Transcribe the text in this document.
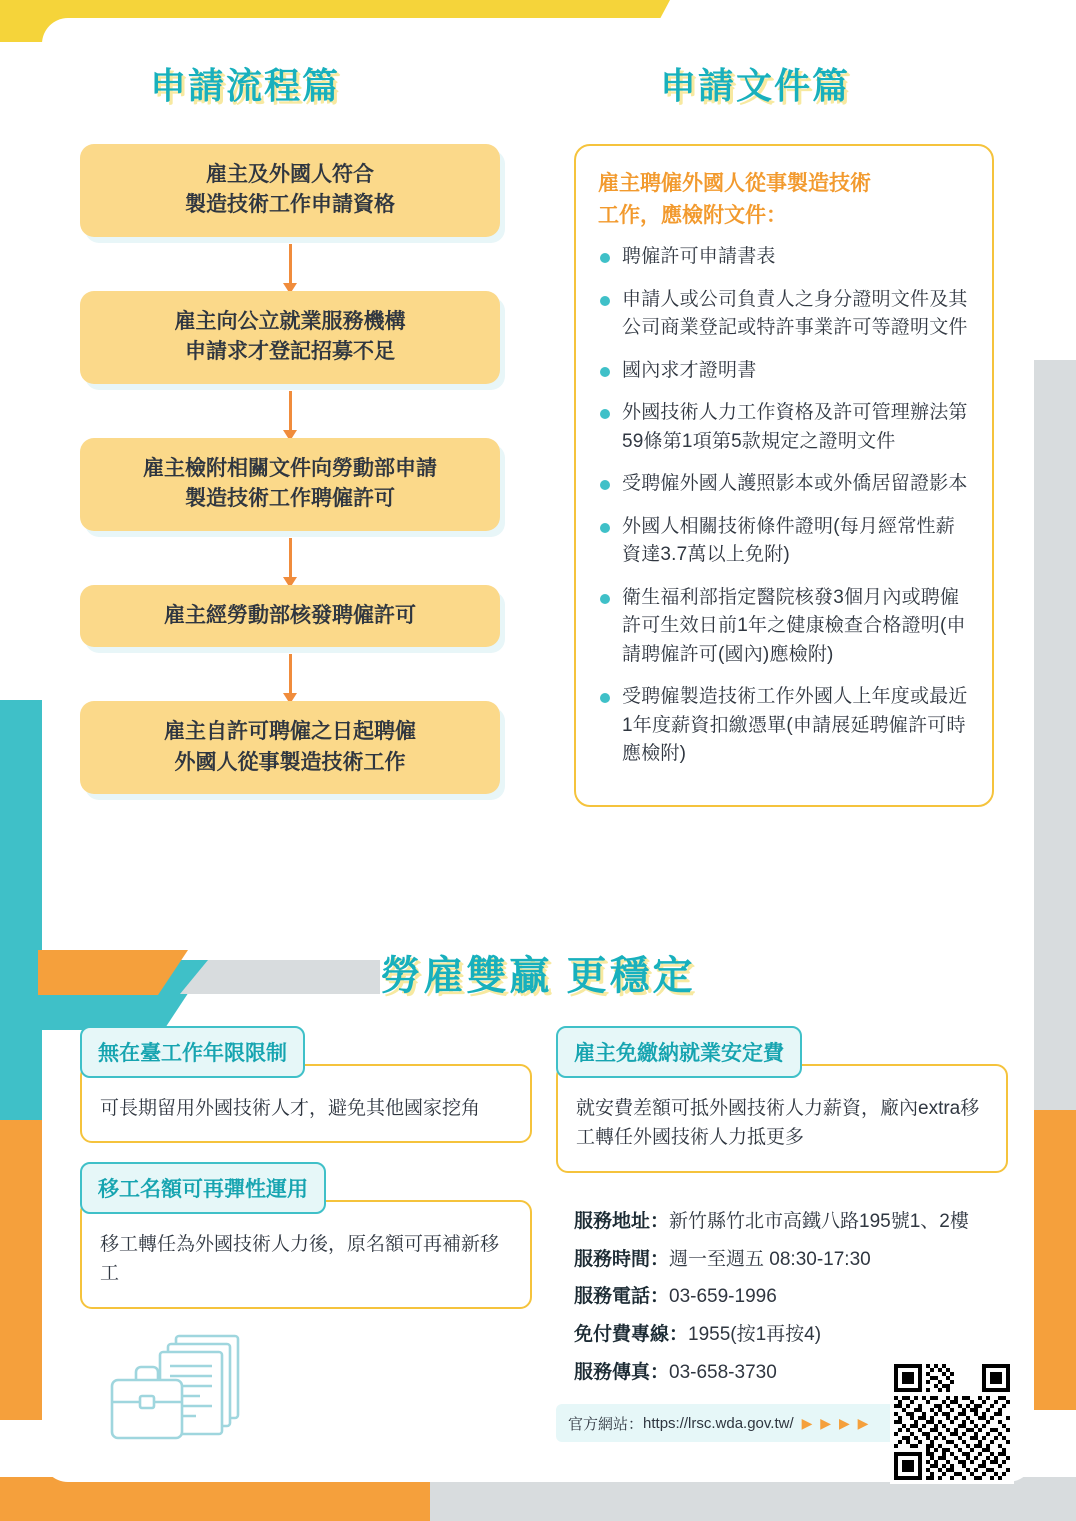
申請流程篇	申請文件篇
雇主及外國人符合
製造技術工作申請資格
雇主向公立就業服務機構
申請求才登記招募不足
雇主檢附相關文件向勞動部申請
製造技術工作聘僱許可
雇主經勞動部核發聘僱許可
雇主自許可聘僱之日起聘僱
外國人從事製造技術工作
雇主聘僱外國人從事製造技術
工作，應檢附文件：
聘僱許可申請書表
申請人或公司負責人之身分證明文件及其公司商業登記或特許事業許可等證明文件
國內求才證明書
外國技術人力工作資格及許可管理辦法第59條第1項第5款規定之證明文件
受聘僱外國人護照影本或外僑居留證影本
外國人相關技術條件證明(每月經常性薪資達3.7萬以上免附)
衛生福利部指定醫院核發3個月內或聘僱許可生效日前1年之健康檢查合格證明(申請聘僱許可(國內)應檢附)
受聘僱製造技術工作外國人上年度或最近1年度薪資扣繳憑單(申請展延聘僱許可時應檢附)
勞雇雙贏 更穩定
無在臺工作年限限制
可長期留用外國技術人才，避免其他國家挖角
雇主免繳納就業安定費
就安費差額可抵外國技術人力薪資，廠內extra移工轉任外國技術人力抵更多
移工名額可再彈性運用
移工轉任為外國技術人力後，原名額可再補新移工
服務地址：新竹縣竹北市高鐵八路195號1、2樓
服務時間：週一至週五 08:30-17:30
服務電話：03-659-1996
免付費專線：1955(按1再按4)
服務傳真：03-658-3730
官方網站： https://lrsc.wda.gov.tw/ ▶ ▶ ▶ ▶
